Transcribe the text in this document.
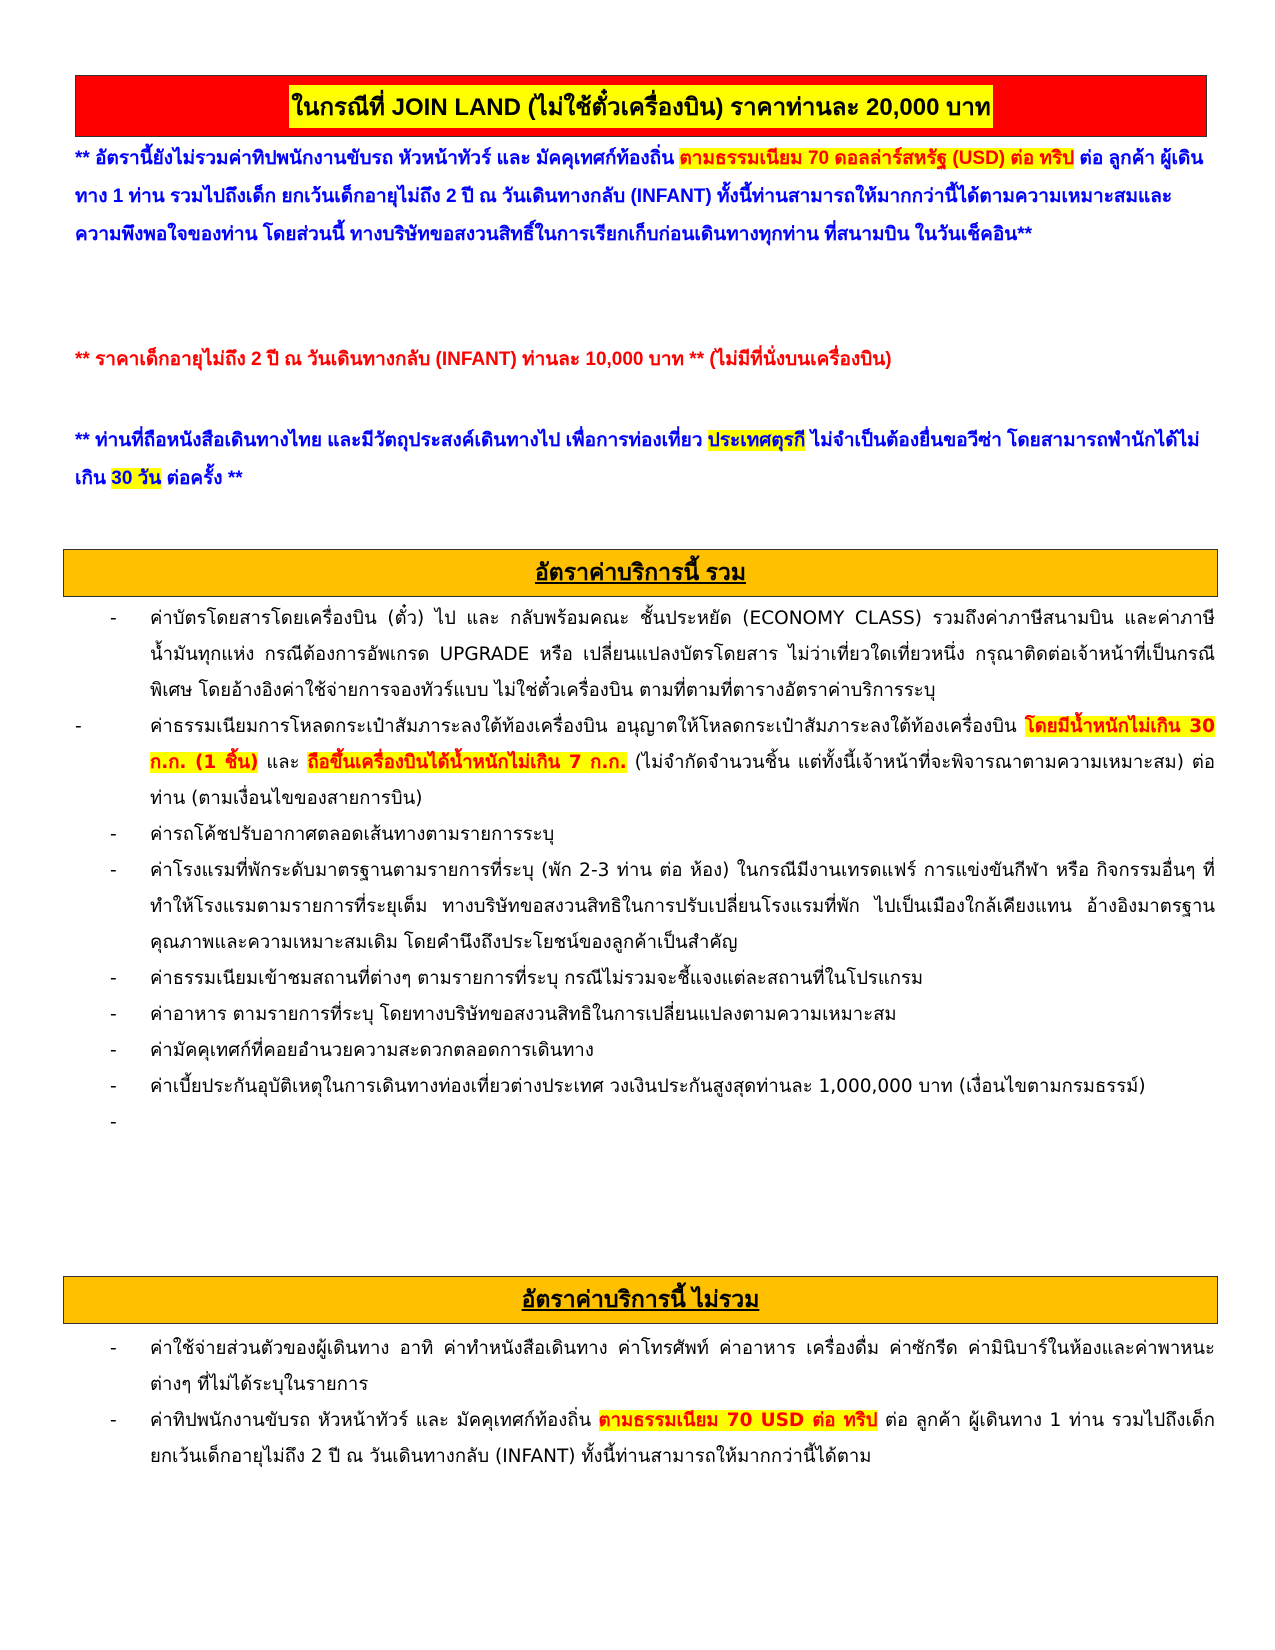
ในกรณีที่ JOIN LAND (ไม่ใช้ตั๋วเครื่องบิน) ราคาท่านละ 20,000 บาท
** อัตรานี้ยังไม่รวมค่าทิปพนักงานขับรถ หัวหน้าทัวร์ และ มัคคุเทศก์ท้องถิ่น ตามธรรมเนียม 70 ดอลล่าร์สหรัฐ (USD) ต่อ ทริป ต่อ ลูกค้า ผู้เดินทาง 1 ท่าน รวมไปถึงเด็ก ยกเว้นเด็กอายุไม่ถึง 2 ปี ณ วันเดินทางกลับ (INFANT) ทั้งนี้ท่านสามารถให้มากกว่านี้ได้ตามความเหมาะสมและความพึงพอใจของท่าน โดยส่วนนี้ ทางบริษัทขอสงวนสิทธิ์ในการเรียกเก็บก่อนเดินทางทุกท่าน ที่สนามบิน ในวันเช็คอิน**
** ราคาเด็กอายุไม่ถึง 2 ปี ณ วันเดินทางกลับ (INFANT) ท่านละ 10,000 บาท ** (ไม่มีที่นั่งบนเครื่องบิน)
** ท่านที่ถือหนังสือเดินทางไทย และมีวัตถุประสงค์เดินทางไป เพื่อการท่องเที่ยว ประเทศตุรกี ไม่จำเป็นต้องยื่นขอวีซ่า โดยสามารถพำนักได้ไม่เกิน 30 วัน ต่อครั้ง **
อัตราค่าบริการนี้ รวม
- ค่าบัตรโดยสารโดยเครื่องบิน (ตั๋ว) ไป และ กลับพร้อมคณะ ชั้นประหยัด (ECONOMY CLASS) รวมถึงค่าภาษีสนามบิน และค่าภาษีน้ำมันทุกแห่ง กรณีต้องการอัพเกรด UPGRADE หรือ เปลี่ยนแปลงบัตรโดยสาร ไม่ว่าเที่ยวใดเที่ยวหนึ่ง กรุณาติดต่อเจ้าหน้าที่เป็นกรณีพิเศษ โดยอ้างอิงค่าใช้จ่ายการจองทัวร์แบบ ไม่ใช่ตั๋วเครื่องบิน ตามที่ตามที่ตารางอัตราค่าบริการระบุ
-	ค่าธรรมเนียมการโหลดกระเป๋าสัมภาระลงใต้ท้องเครื่องบิน อนุญาตให้โหลดกระเป๋าสัมภาระลงใต้ท้องเครื่องบิน โดยมีน้ำหนักไม่เกิน 30 ก.ก. (1 ชิ้น) และ ถือขึ้นเครื่องบินได้น้ำหนักไม่เกิน 7 ก.ก. (ไม่จำกัดจำนวนชิ้น แต่ทั้งนี้เจ้าหน้าที่จะพิจารณาตามความเหมาะสม) ต่อท่าน (ตามเงื่อนไขของสายการบิน)
- ค่ารถโค้ชปรับอากาศตลอดเส้นทางตามรายการระบุ
- ค่าโรงแรมที่พักระดับมาตรฐานตามรายการที่ระบุ (พัก 2-3 ท่าน ต่อ ห้อง) ในกรณีมีงานเทรดแฟร์ การแข่งขันกีฬา หรือ กิจกรรมอื่นๆ ที่ทำให้โรงแรมตามรายการที่ระยุเต็ม ทางบริษัทขอสงวนสิทธิในการปรับเปลี่ยนโรงแรมที่พัก ไปเป็นเมืองใกล้เคียงแทน อ้างอิงมาตรฐานคุณภาพและความเหมาะสมเดิม โดยคำนึงถึงประโยชน์ของลูกค้าเป็นสำคัญ
- ค่าธรรมเนียมเข้าชมสถานที่ต่างๆ ตามรายการที่ระบุ กรณีไม่รวมจะชี้แจงแต่ละสถานที่ในโปรแกรม
- ค่าอาหาร ตามรายการที่ระบุ โดยทางบริษัทขอสงวนสิทธิในการเปลี่ยนแปลงตามความเหมาะสม
- ค่ามัคคุเทศก์ที่คอยอำนวยความสะดวกตลอดการเดินทาง
- ค่าเบี้ยประกันอุบัติเหตุในการเดินทางท่องเที่ยวต่างประเทศ วงเงินประกันสูงสุดท่านละ 1,000,000 บาท (เงื่อนไขตามกรมธรรม์)
-

อัตราค่าบริการนี้ ไม่รวม
- ค่าใช้จ่ายส่วนตัวของผู้เดินทาง อาทิ ค่าทำหนังสือเดินทาง ค่าโทรศัพท์ ค่าอาหาร เครื่องดื่ม ค่าซักรีด ค่ามินิบาร์ในห้องและค่าพาหนะต่างๆ ที่ไม่ได้ระบุในรายการ
- ค่าทิปพนักงานขับรถ หัวหน้าทัวร์ และ มัคคุเทศก์ท้องถิ่น ตามธรรมเนียม 70 USD ต่อ ทริป ต่อ ลูกค้า ผู้เดินทาง 1 ท่าน รวมไปถึงเด็ก ยกเว้นเด็กอายุไม่ถึง 2 ปี ณ วันเดินทางกลับ (INFANT) ทั้งนี้ท่านสามารถให้มากกว่านี้ได้ตาม
